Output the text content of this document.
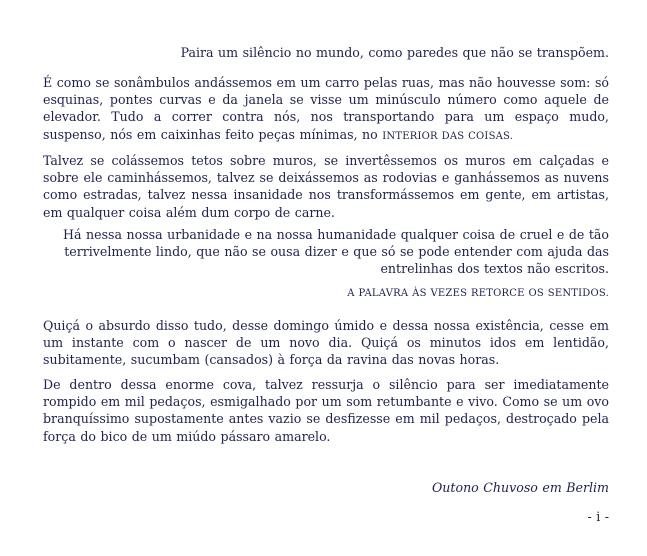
Paira um silêncio no mundo, como paredes que não se transpõem.

É como se sonâmbulos andássemos em um carro pelas ruas, mas não houvesse som: só esquinas, pontes curvas e da janela se visse um minúsculo número como aquele de elevador. Tudo a correr contra nós, nos transportando para um espaço mudo, suspenso, nós em caixinhas feito peças mínimas, no INTERIOR DAS COISAS.

Talvez se colássemos tetos sobre muros, se invertêssemos os muros em calçadas e sobre ele caminhássemos, talvez se deixássemos as rodovias e ganhássemos as nuvens como estradas, talvez nessa insanidade nos transformássemos em gente, em artistas, em qualquer coisa além dum corpo de carne.

Há nessa nossa urbanidade e na nossa humanidade qualquer coisa de cruel e de tão terrivelmente lindo, que não se ousa dizer e que só se pode entender com ajuda das entrelinhas dos textos não escritos.

A PALAVRA ÀS VEZES RETORCE OS SENTIDOS.

Quiçá o absurdo disso tudo, desse domingo úmido e dessa nossa existência, cesse em um instante com o nascer de um novo dia. Quiçá os minutos idos em lentidão, subitamente, sucumbam (cansados) à força da ravina das novas horas.

De dentro dessa enorme cova, talvez ressurja o silêncio para ser imediatamente rompido em mil pedaços, esmigalhado por um som retumbante e vivo. Como se um ovo branquíssimo supostamente antes vazio se desfizesse em mil pedaços, destroçado pela força do bico de um miúdo pássaro amarelo.

Outono Chuvoso em Berlim

- i -
